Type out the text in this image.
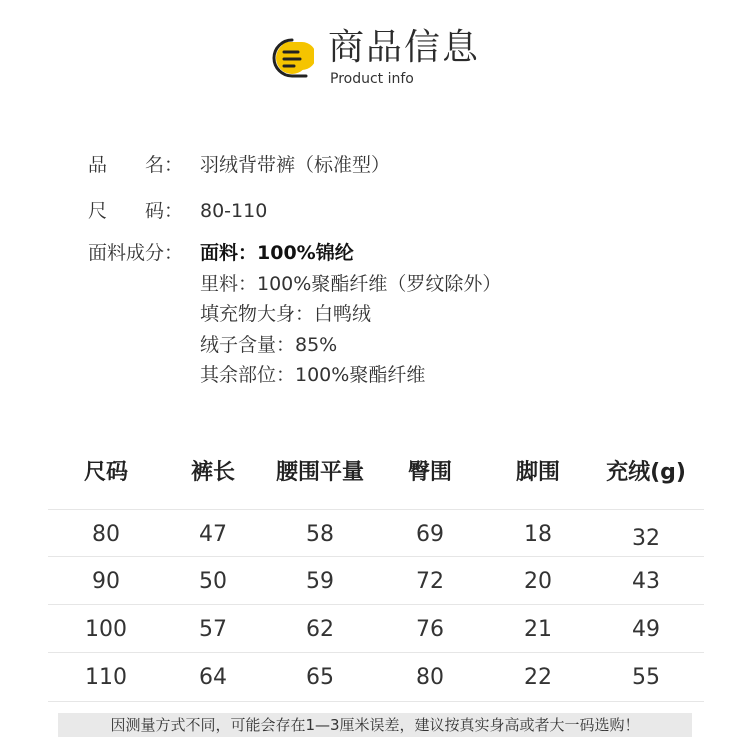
商品信息
Product info
品　　名： 羽绒背带裤（标准型）
尺　　码： 80-110
面料成分： 面料：100%锦纶
里料：100%聚酯纤维（罗纹除外）
填充物大身：白鸭绒
绒子含量：85%
其余部位：100%聚酯纤维
尺码	裤长	腰围平量	臀围	脚围	充绒(g)
80	47	58	69	18	32
90	50	59	72	20	43
100	57	62	76	21	49
110	64	65	80	22	55
因测量方式不同，可能会存在1—3厘米误差，建议按真实身高或者大一码选购！
